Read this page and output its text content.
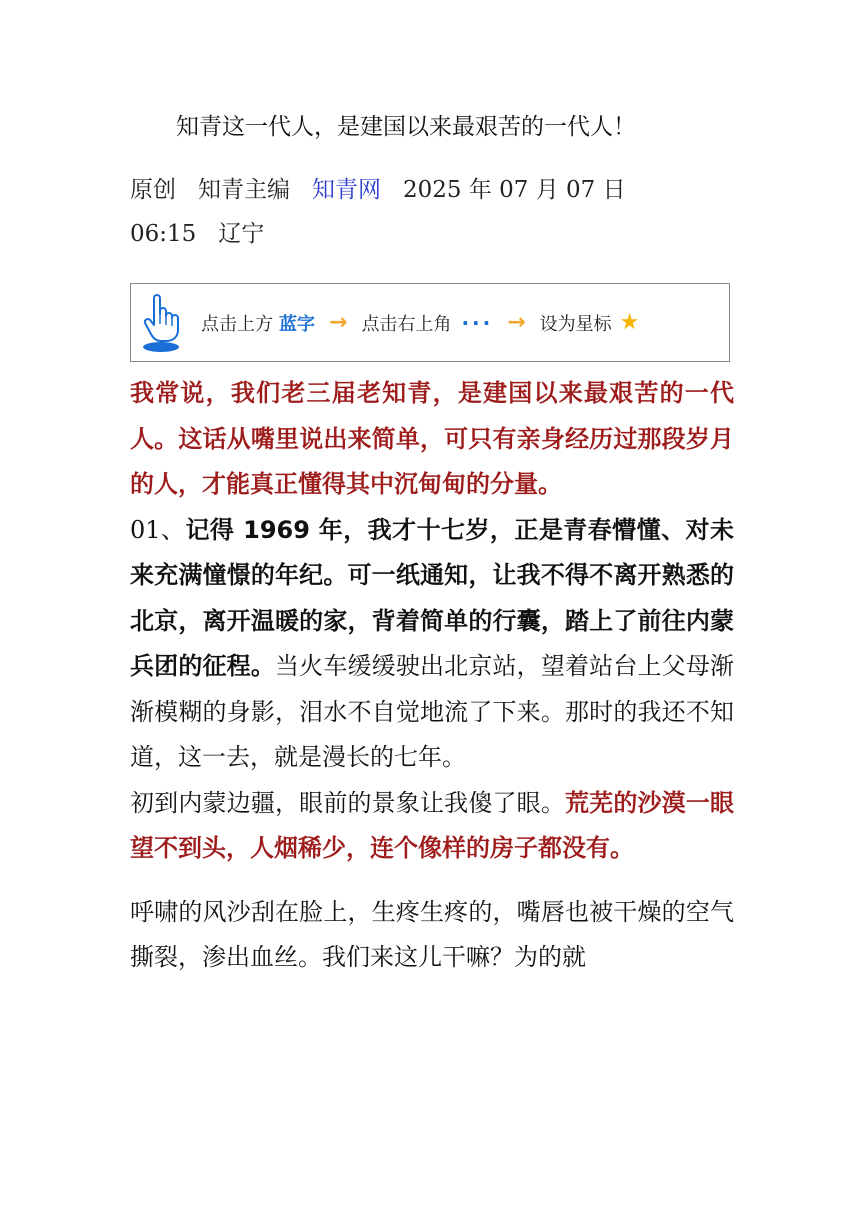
知青这一代人，是建国以来最艰苦的一代人！
原创 知青主编 知青网 2025 年 07 月 07 日
06:15 辽宁
点击上方 蓝字 → 点击右上角 ··· → 设为星标 ★

我常说，我们老三届老知青，是建国以来最艰苦的一代人。这话从嘴里说出来简单，可只有亲身经历过那段岁月的人，才能真正懂得其中沉甸甸的分量。

01、记得 1969 年，我才十七岁，正是青春懵懂、对未来充满憧憬的年纪。可一纸通知，让我不得不离开熟悉的北京，离开温暖的家，背着简单的行囊，踏上了前往内蒙兵团的征程。当火车缓缓驶出北京站，望着站台上父母渐渐模糊的身影，泪水不自觉地流了下来。那时的我还不知道，这一去，就是漫长的七年。

初到内蒙边疆，眼前的景象让我傻了眼。荒芜的沙漠一眼望不到头，人烟稀少，连个像样的房子都没有。

呼啸的风沙刮在脸上，生疼生疼的，嘴唇也被干燥的空气撕裂，渗出血丝。我们来这儿干嘛？为的就
